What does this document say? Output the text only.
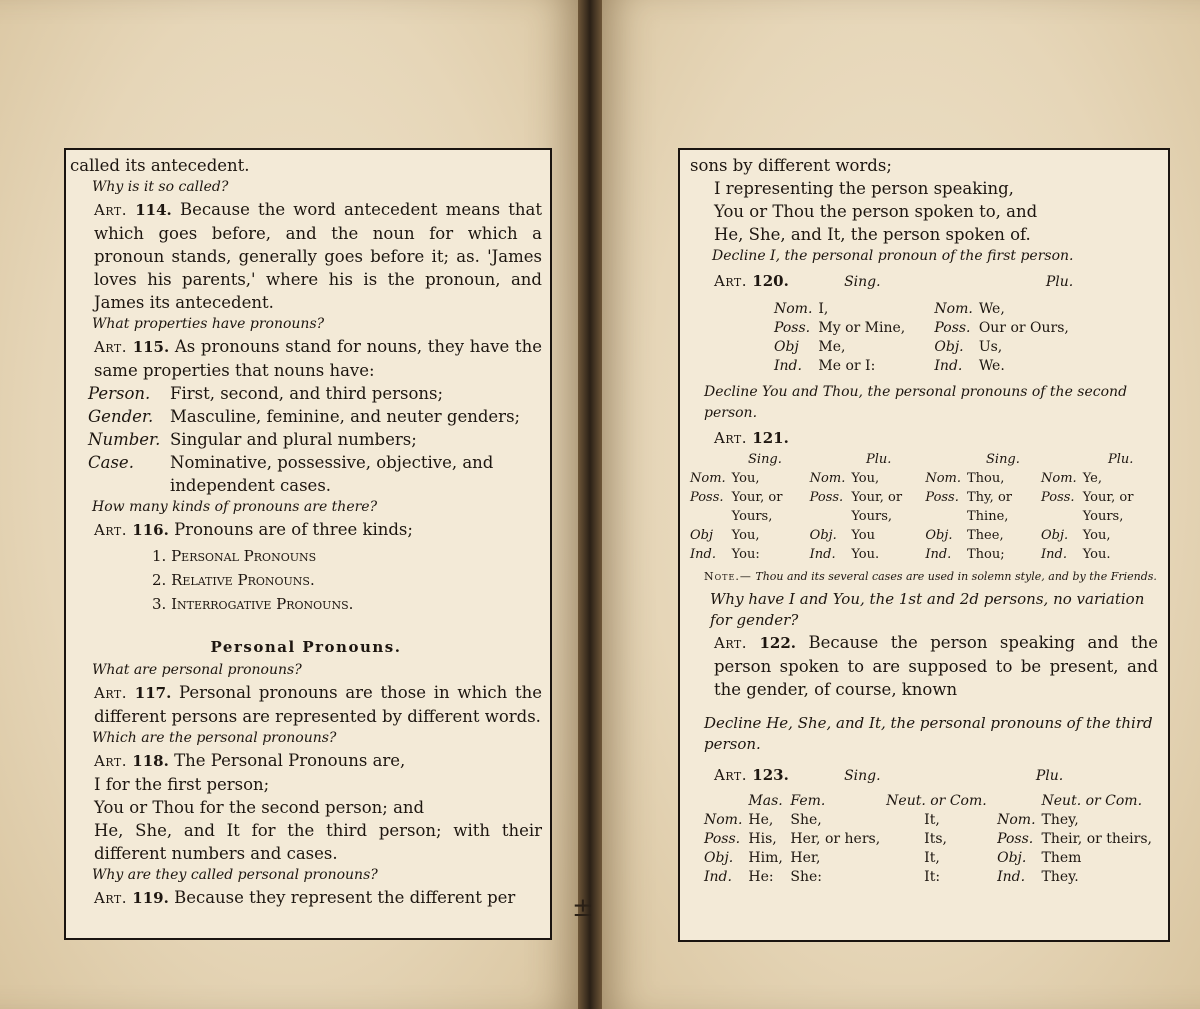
called its antecedent.

Why is it so called?

Art. 114. Because the word antecedent means that which goes before, and the noun for which a pronoun stands, generally goes before it; as. 'James loves his parents,' where his is the pronoun, and James its antecedent.

What properties have pronouns?

Art. 115. As pronouns stand for nouns, they have the same properties that nouns have:

Person.	First, second, and third persons;
Gender.	Masculine, feminine, and neuter genders;
Number. Singular and plural numbers;
Case.	Nominative, possessive, objective, and independent cases.

How many kinds of pronouns are there?

Art. 116. Pronouns are of three kinds;

1. Personal Pronouns
2. Relative Pronouns.
3. Interrogative Pronouns.
Personal Pronouns.

What are personal pronouns?

Art. 117. Personal pronouns are those in which the different persons are represented by different words.

Which are the personal pronouns?

Art. 118. The Personal Pronouns are,

I for the first person;

You or Thou for the second person; and

He, She, and It for the third person; with their different numbers and cases.

Why are they called personal pronouns?

Art. 119. Because they represent the different per	±

sons by different words;

I representing the person speaking,

You or Thou the person spoken to, and

He, She, and It, the person spoken of.

Decline I, the personal pronoun of the first person.

Art. 120.	Sing.	Plu.

Nom.	I,	Nom.	We,
Poss.	My or Mine,	Poss.	Our or Ours,
Obj	Me,	Obj.	Us,
Ind.	Me or I:	Ind.	We.

Decline You and Thou, the personal pronouns of the second person.

Art. 121.

Sing.	Plu.	Sing.	Plu.
Nom.	You,	Nom.	You,	Nom.	Thou,	Nom.	Ye,
Poss.	Your, or Yours,	Poss.	Your, or Yours,	Poss.	Thy, or Thine,	Poss.	Your, or Yours,
Obj	You,	Obj.	You	Obj.	Thee,	Obj.	You,
Ind.	You:	Ind.	You.	Ind.	Thou;	Ind.	You.

Note.— Thou and its several cases are used in solemn style, and by the Friends.

Why have I and You, the 1st and 2d persons, no variation for gender?

Art. 122. Because the person speaking and the person spoken to are supposed to be present, and the gender, of course, known

Decline He, She, and It, the personal pronouns of the third person.

Art. 123.	Sing.	Plu.

	Mas.	Fem.	Neut. or Com.		Neut. or Com.
Nom.	He,	She,	It,	Nom.	They,
Poss.	His,	Her, or hers,	Its,	Poss.	Their, or theirs,
Obj.	Him,	Her,	It,	Obj.	Them
Ind.	He:	She:	It:	Ind.	They.
